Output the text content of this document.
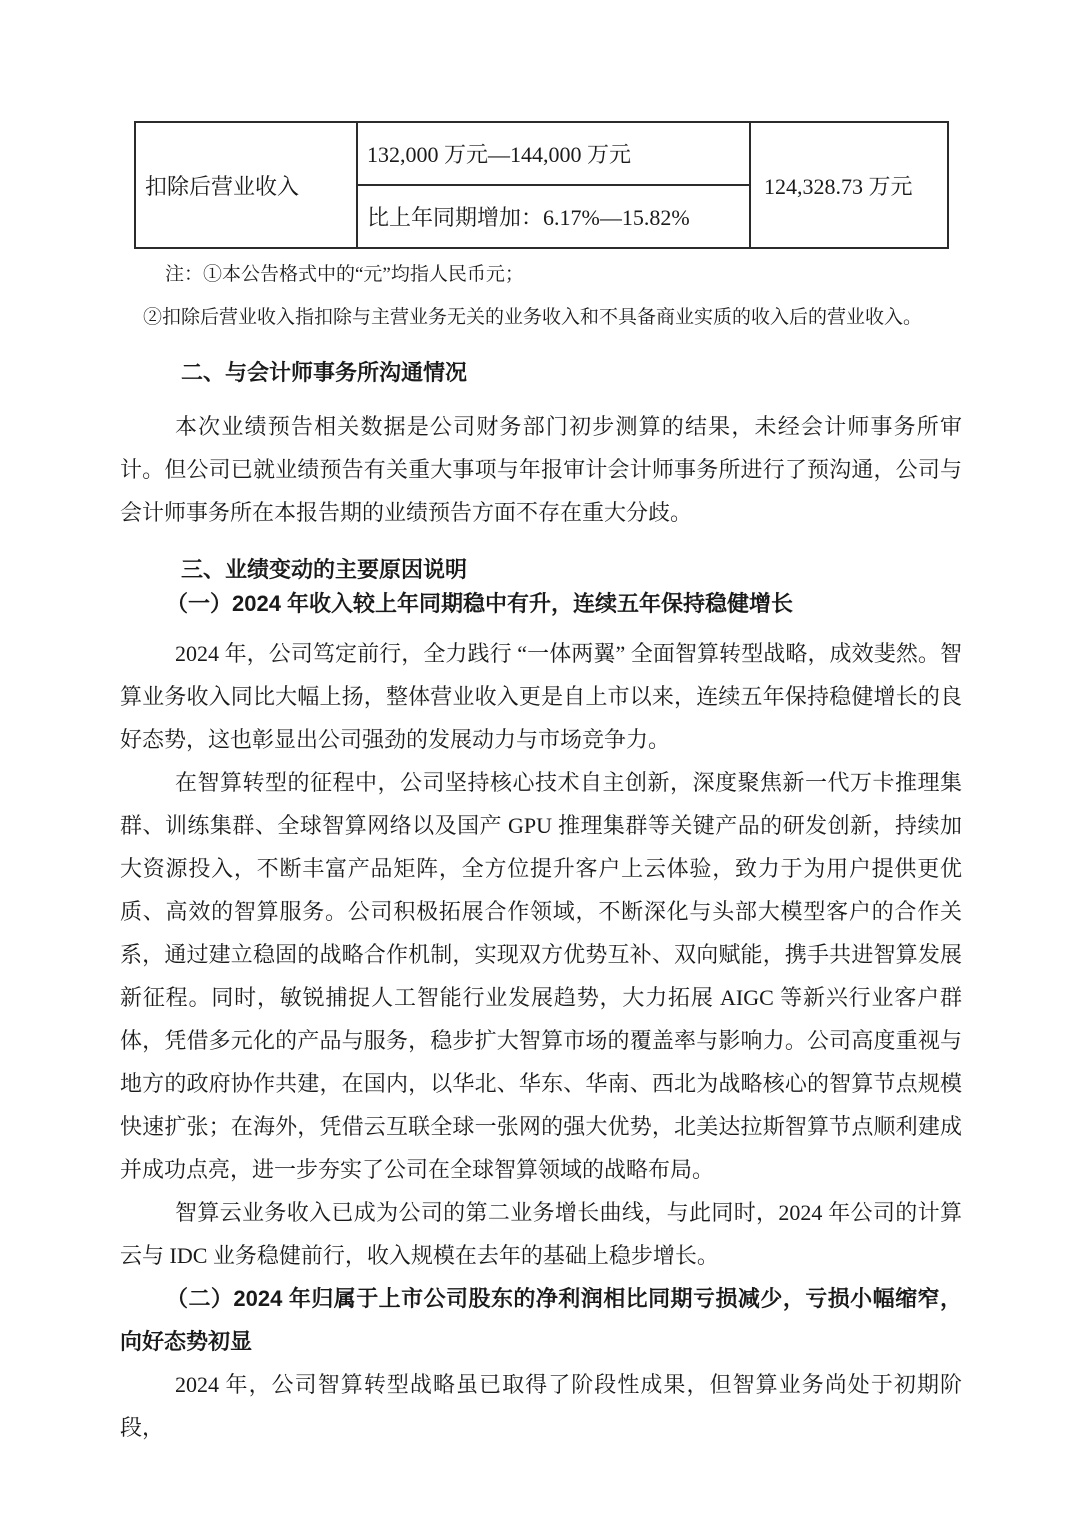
扣除后营业收入
132,000 万元—144,000 万元
比上年同期增加：6.17%—15.82%
124,328.73 万元

注：①本公告格式中的“元”均指人民币元；

②扣除后营业收入指扣除与主营业务无关的业务收入和不具备商业实质的收入后的营业收入。

二、与会计师事务所沟通情况

本次业绩预告相关数据是公司财务部门初步测算的结果，未经会计师事务所审计。但公司已就业绩预告有关重大事项与年报审计会计师事务所进行了预沟通，公司与会计师事务所在本报告期的业绩预告方面不存在重大分歧。

三、业绩变动的主要原因说明

（一）2024 年收入较上年同期稳中有升，连续五年保持稳健增长

2024 年，公司笃定前行，全力践行 “一体两翼” 全面智算转型战略，成效斐然。智算业务收入同比大幅上扬，整体营业收入更是自上市以来，连续五年保持稳健增长的良好态势，这也彰显出公司强劲的发展动力与市场竞争力。

在智算转型的征程中，公司坚持核心技术自主创新，深度聚焦新一代万卡推理集群、训练集群、全球智算网络以及国产 GPU 推理集群等关键产品的研发创新，持续加大资源投入，不断丰富产品矩阵，全方位提升客户上云体验，致力于为用户提供更优质、高效的智算服务。公司积极拓展合作领域，不断深化与头部大模型客户的合作关系，通过建立稳固的战略合作机制，实现双方优势互补、双向赋能，携手共进智算发展新征程。同时，敏锐捕捉人工智能行业发展趋势，大力拓展 AIGC 等新兴行业客户群体，凭借多元化的产品与服务，稳步扩大智算市场的覆盖率与影响力。公司高度重视与地方的政府协作共建，在国内，以华北、华东、华南、西北为战略核心的智算节点规模快速扩张；在海外，凭借云互联全球一张网的强大优势，北美达拉斯智算节点顺利建成并成功点亮，进一步夯实了公司在全球智算领域的战略布局。

智算云业务收入已成为公司的第二业务增长曲线，与此同时，2024 年公司的计算云与 IDC 业务稳健前行，收入规模在去年的基础上稳步增长。

（二）2024 年归属于上市公司股东的净利润相比同期亏损减少，亏损小幅缩窄，向好态势初显

2024 年，公司智算转型战略虽已取得了阶段性成果，但智算业务尚处于初期阶段，
